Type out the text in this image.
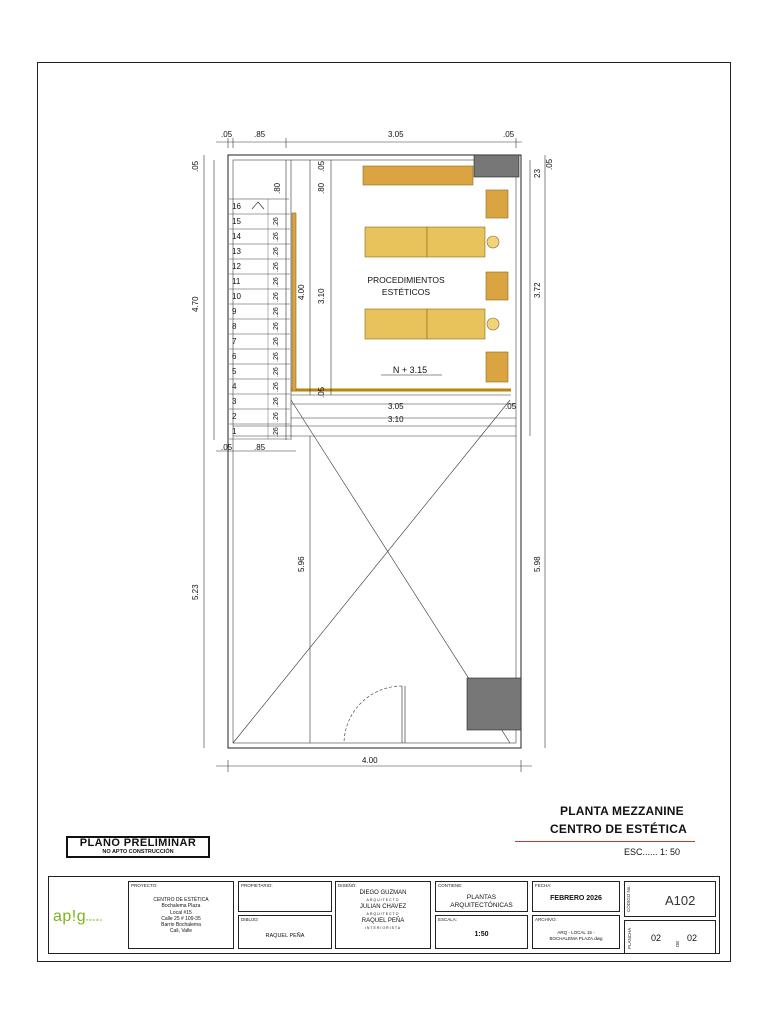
.05	.85	3.05	.05
.05
4.70
5.23
23
.05
3.72
5.98
.80	.80
.05
4.00 3.10
5.96
.05
3.05	.05
3.10
.05	.85
4.00
16
15
14
13
12
11
10
9
8
7
6
5
4
3
2
1
.26
.26
.26
.26
.26
.26
.26
.26
.26
.26
.26
.26
.26
.26
.26
PROCEDIMIENTOS
ESTÉTICOS
N + 3.15
PLANTA MEZZANINE
CENTRO DE ESTÉTICA
ESC...... 1: 50
PLANO PRELIMINAR
NO APTO CONSTRUCCIÓN
ap!gestudio
PROYECTO:
CENTRO DE ESTÉTICA
Bochalema Plaza
Local #15
Calle 25 # 109-35
Barrio Bochalema
Cali, Valle
PROPIETARIO:
DIBUJO:
RAQUEL PEÑA
DISEÑÓ:
DIEGO GUZMAN
ARQUITECTO
JULIAN CHAVEZ
ARQUITECTO
RAQUEL PEÑA
INTERIORISTA
CONTIENE:
PLANTAS
ARQUITECTÓNICAS
ESCALA:
1:50
FECHA:
FEBRERO 2026
ARCHIVO:
ARQ - LOCAL 15 -
BOCHALEMA PLAZA.dwg
CÓDIGO No.	A102
PLANCHA 02
DE
02
